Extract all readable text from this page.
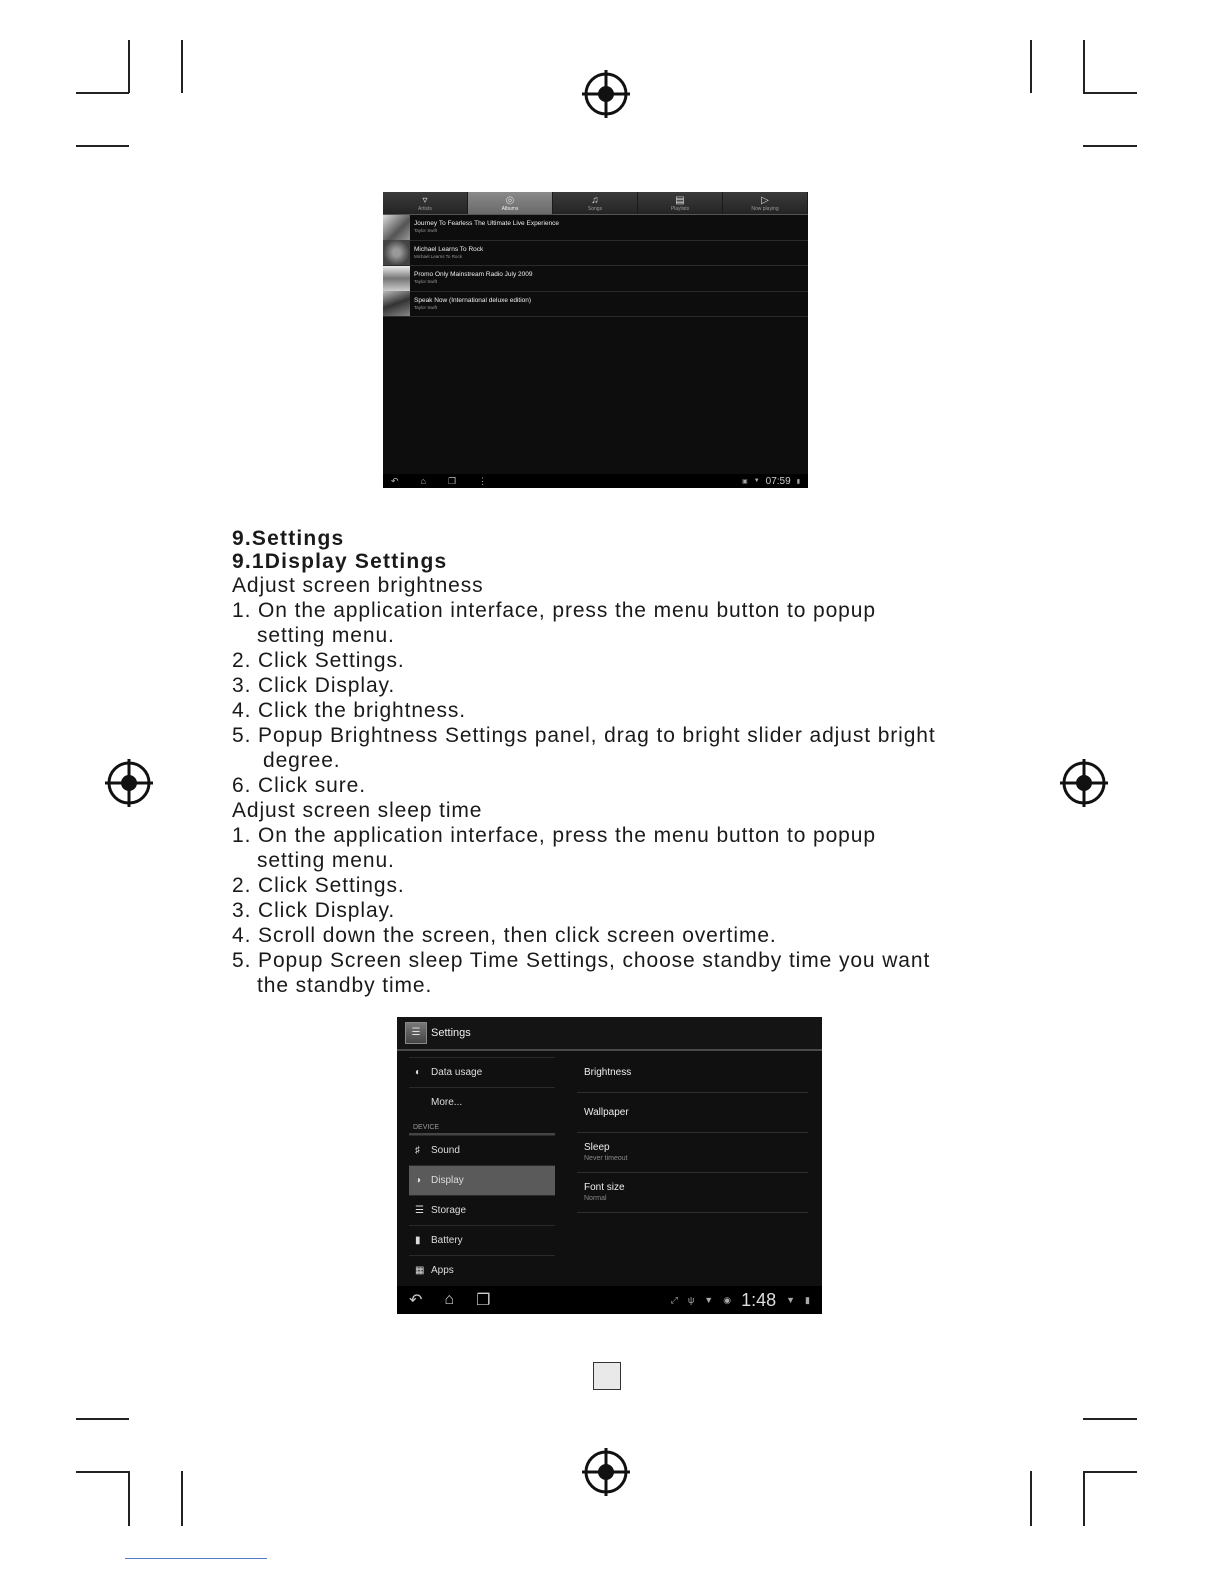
▿
Artists
◎
Albums
♫
Songs
▤
Playlists
▷
Now playing
Journey To Fearless The Ultimate Live Experience
Taylor Swift
Michael Learns To Rock
Michael Learns To Rock
Promo Only Mainstream Radio July 2009
Taylor Swift
Speak Now (International deluxe edition)
Taylor Swift
↶ ⌂ ❐ ⋮	▣ ▼ 07:59 ▮
9.Settings
9.1Display Settings
Adjust screen brightness
1. On the application interface, press the menu button to popup
setting menu.
2. Click Settings.
3. Click Display.
4. Click the brightness.
5. Popup Brightness Settings panel, drag to bright slider adjust bright
degree.
6. Click sure.
Adjust screen sleep time
1. On the application interface, press the menu button to popup
setting menu.
2. Click Settings.
3. Click Display.
4. Scroll down the screen, then click screen overtime.
5. Popup Screen sleep Time Settings, choose standby time you want
the standby time.
☰ Settings
◐ Data usage
More...
DEVICE
♯	Sound
◑ Display
☰ Storage
▮	Battery
▦ Apps
Brightness
Wallpaper
Sleep
Never timeout
Font size
Normal
↶ ⌂ ❐	⤢ ψ ▼ ◉ 1:48 ▼ ▮
